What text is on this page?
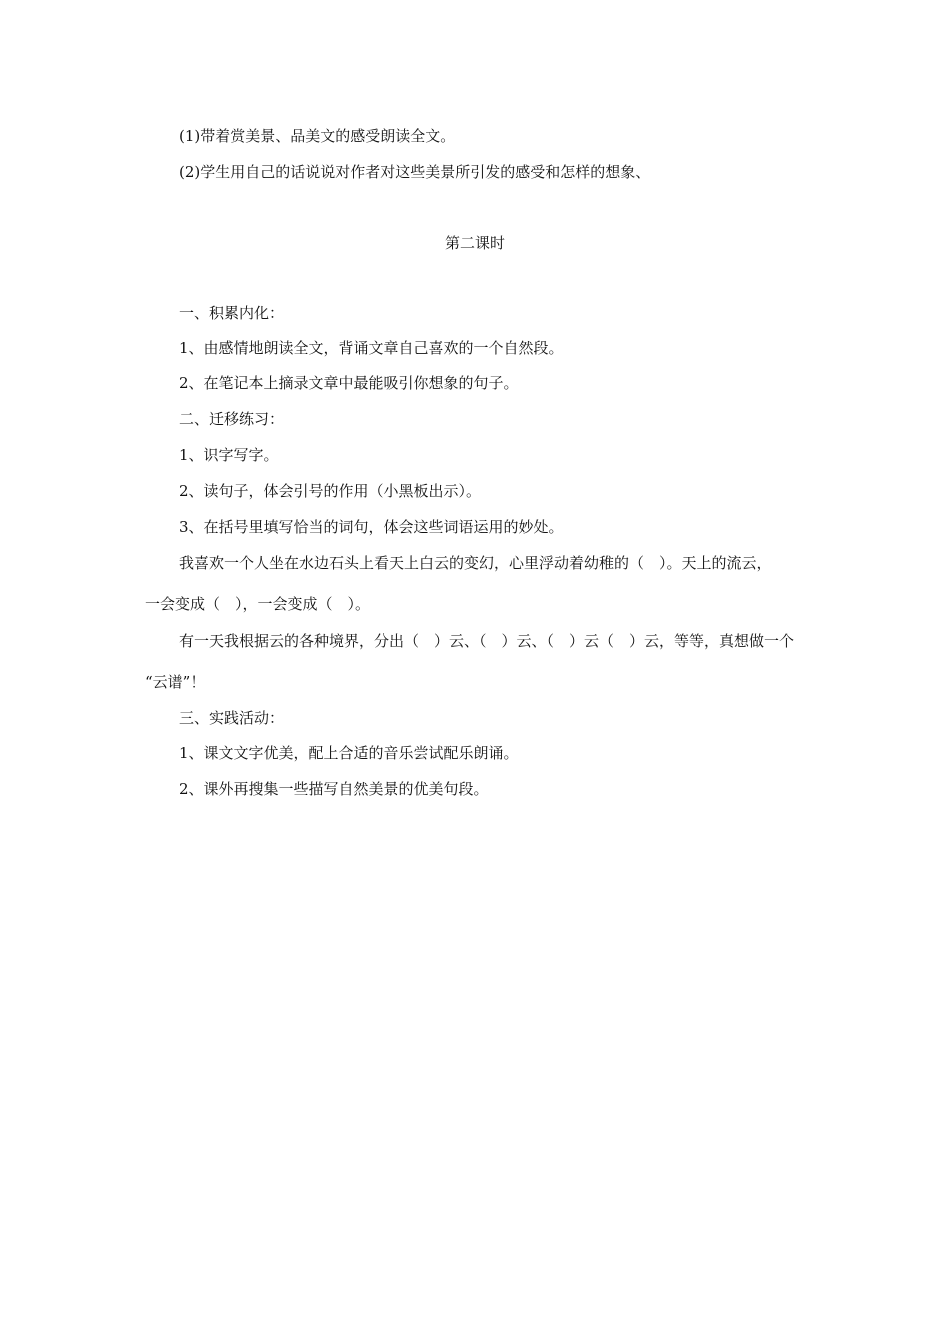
(1)带着赏美景、品美文的感受朗读全文。
(2)学生用自己的话说说对作者对这些美景所引发的感受和怎样的想象、
第二课时
一、积累内化：
1、由感情地朗读全文，背诵文章自己喜欢的一个自然段。
2、在笔记本上摘录文章中最能吸引你想象的句子。
二、迁移练习：
1、识字写字。
2、读句子，体会引号的作用（小黑板出示）。
3、在括号里填写恰当的词句，体会这些词语运用的妙处。
我喜欢一个人坐在水边石头上看天上白云的变幻，心里浮动着幼稚的（　）。天上的流云，
一会变成（　），一会变成（　）。
有一天我根据云的各种境界，分出（　）云、（　）云、（　）云（　）云，等等，真想做一个
“云谱”！
三、实践活动：
1、课文文字优美，配上合适的音乐尝试配乐朗诵。
2、课外再搜集一些描写自然美景的优美句段。
